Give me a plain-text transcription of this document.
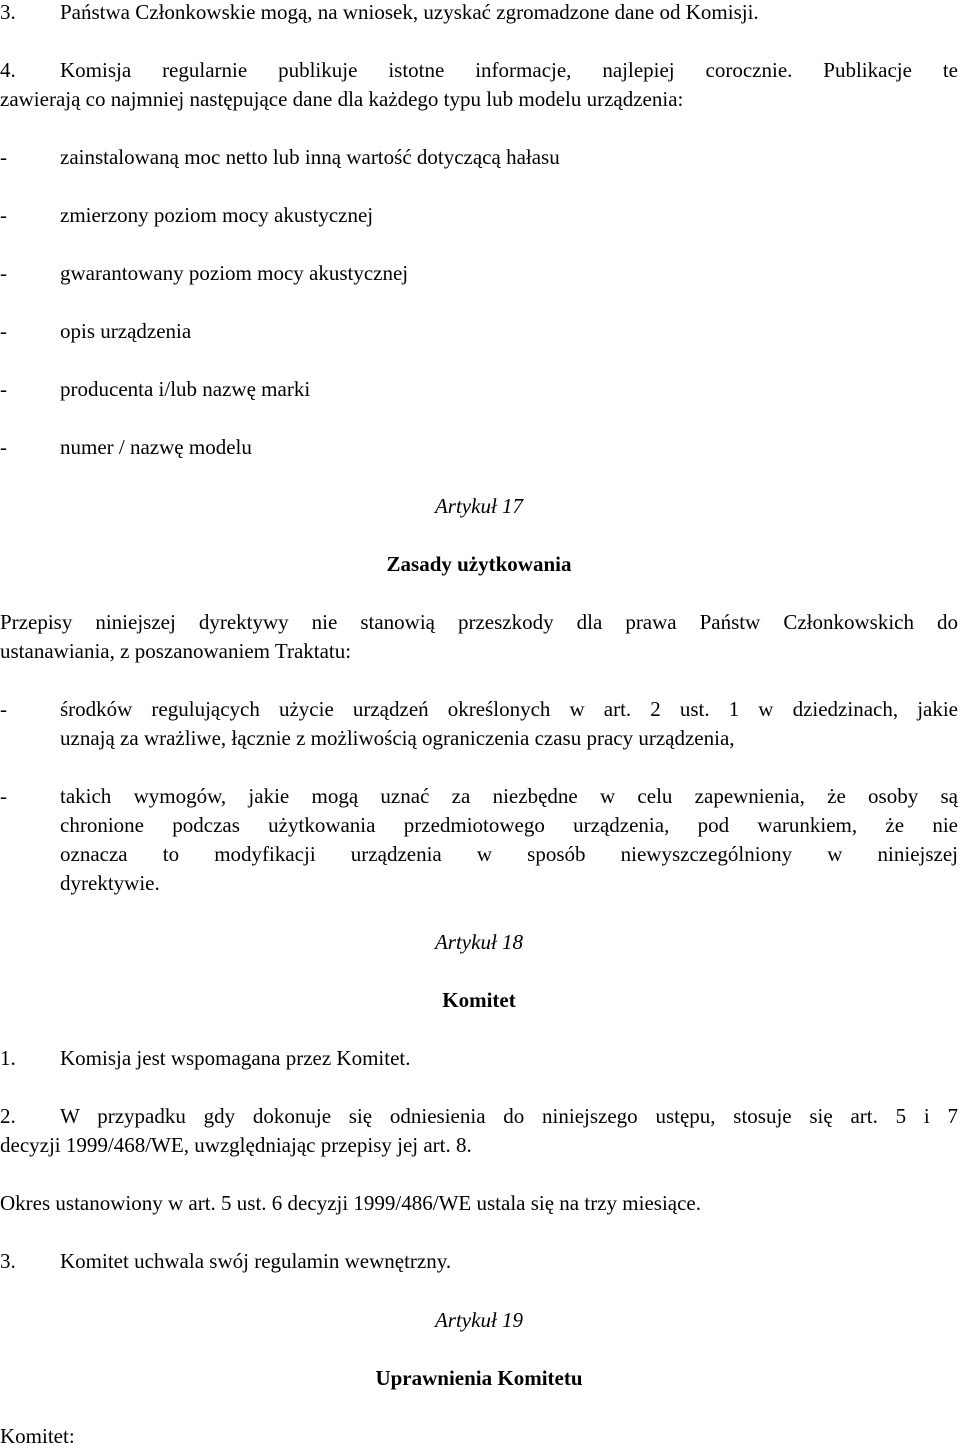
3.	Państwa Członkowskie mogą, na wniosek, uzyskać zgromadzone dane od Komisji.
4.	Komisja regularnie publikuje istotne informacje, najlepiej corocznie. Publikacje te
zawierają co najmniej następujące dane dla każdego typu lub modelu urządzenia:
-	zainstalowaną moc netto lub inną wartość dotyczącą hałasu
-	zmierzony poziom mocy akustycznej
-	gwarantowany poziom mocy akustycznej
-	opis urządzenia
-	producenta i/lub nazwę marki
-	numer / nazwę modelu
Artykuł 17
Zasady użytkowania
Przepisy niniejszej dyrektywy nie stanowią przeszkody dla prawa Państw Członkowskich do
ustanawiania, z poszanowaniem Traktatu:
-	środków regulujących użycie urządzeń określonych w art. 2 ust. 1 w dziedzinach, jakie
uznają za wrażliwe, łącznie z możliwością ograniczenia czasu pracy urządzenia,
-	takich wymogów, jakie mogą uznać za niezbędne w celu zapewnienia, że osoby są
chronione podczas użytkowania przedmiotowego urządzenia, pod warunkiem, że nie
oznacza to modyfikacji urządzenia w sposób niewyszczególniony w niniejszej
dyrektywie.
Artykuł 18
Komitet
1.	Komisja jest wspomagana przez Komitet.
2.	W przypadku gdy dokonuje się odniesienia do niniejszego ustępu, stosuje się art. 5 i 7
decyzji 1999/468/WE, uwzględniając przepisy jej art. 8.
Okres ustanowiony w art. 5 ust. 6 decyzji 1999/486/WE ustala się na trzy miesiące.
3.	Komitet uchwala swój regulamin wewnętrzny.
Artykuł 19
Uprawnienia Komitetu
Komitet:
